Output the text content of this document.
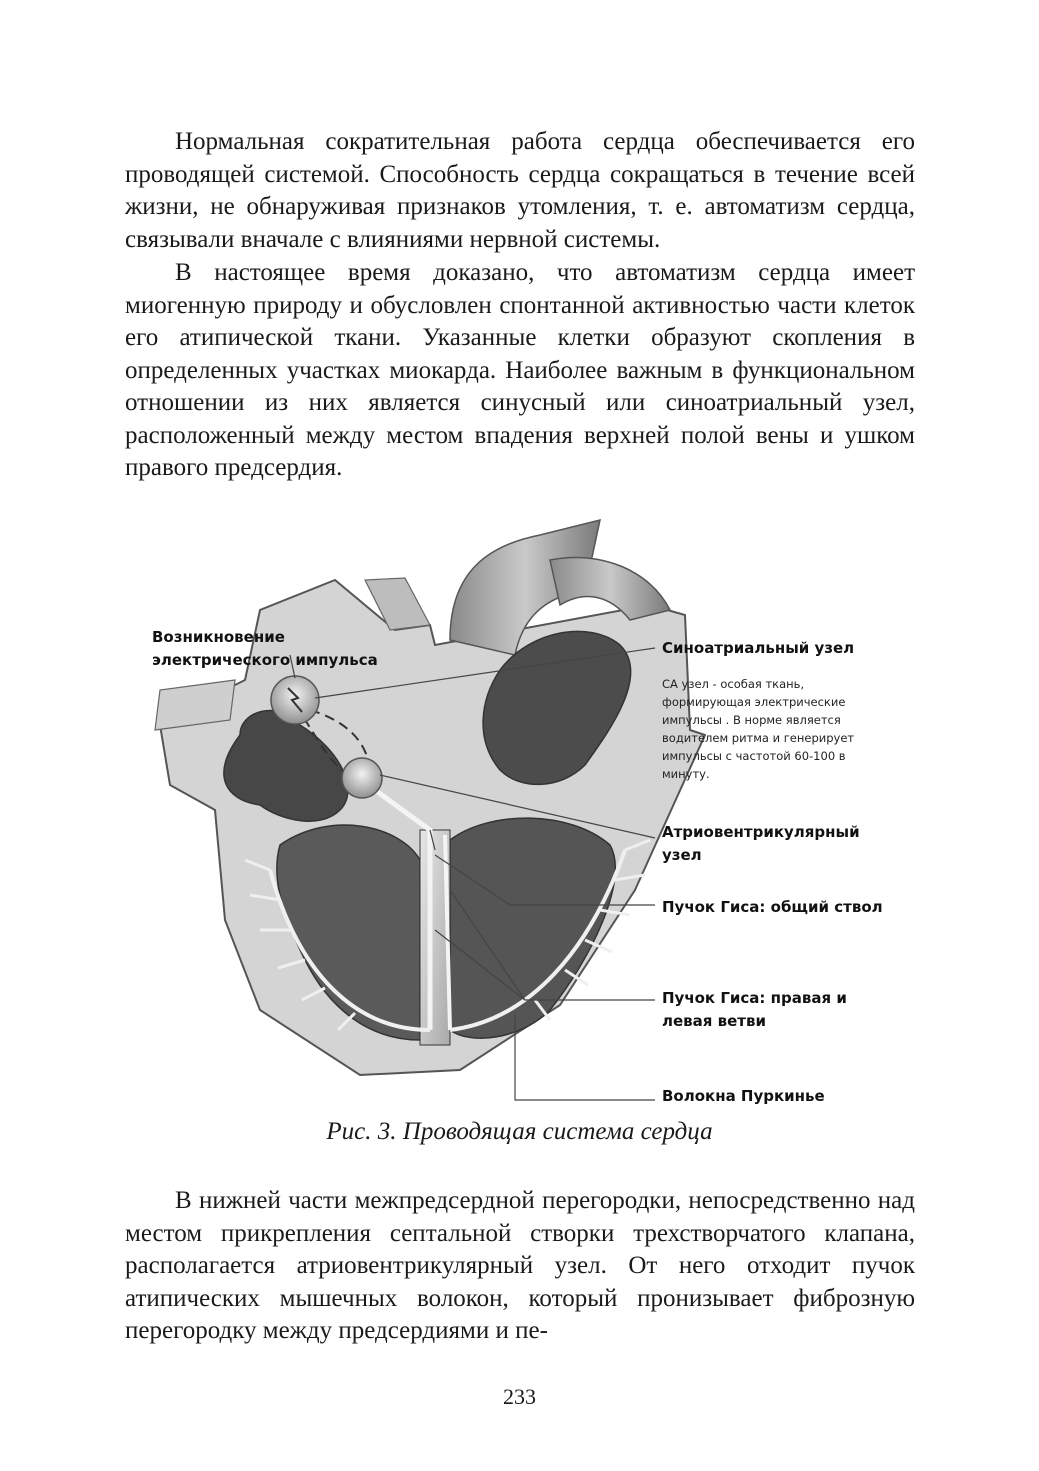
Нормальная сократительная работа сердца обеспечивается его проводящей системой. Способность сердца сокращаться в течение всей жизни, не обнаруживая признаков утомления, т. е. автоматизм сердца, связывали вначале с влияниями нервной системы.

В настоящее время доказано, что автоматизм сердца имеет миогенную природу и обусловлен спонтанной активностью части клеток его атипической ткани. Указанные клетки образуют скопления в определенных участках миокарда. Наиболее важным в функциональном отношении из них является синусный или синоатриальный узел, расположенный между местом впадения верхней полой вены и ушком правого предсердия.

Возникновение

электрического импульса

Синоатриальный узел

СА узел - особая ткань,

формирующая электрические

импульсы . В норме является

водителем ритма и генерирует

импульсы с частотой 60-100 в

минуту.

Атриовентрикулярный

узел

Пучок Гиса: общий ствол

Пучок Гиса: правая и

левая ветви

Волокна Пуркинье

Рис. 3. Проводящая система сердца

В нижней части межпредсердной перегородки, непосредственно над местом прикрепления септальной створки трехстворчатого клапана, располагается атриовентрикулярный узел. От него отходит пучок атипических мышечных волокон, который пронизывает фиброзную перегородку между предсердиями и пе-

233
